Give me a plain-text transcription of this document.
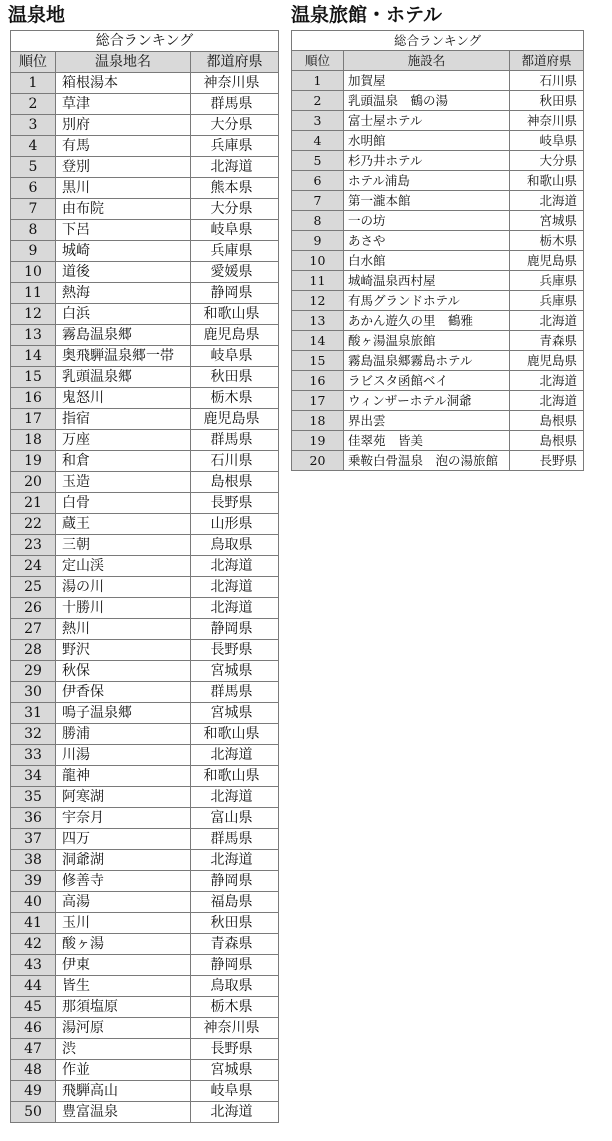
温泉地
総合ランキング		
順位	温泉地名	都道府県
1	箱根湯本	神奈川県
2	草津	群馬県
3	別府	大分県
4	有馬	兵庫県
5	登別	北海道
6	黒川	熊本県
7	由布院	大分県
8	下呂	岐阜県
9	城崎	兵庫県
10	道後	愛媛県
11	熱海	静岡県
12	白浜	和歌山県
13	霧島温泉郷	鹿児島県
14	奥飛騨温泉郷一帯	岐阜県
15	乳頭温泉郷	秋田県
16	鬼怒川	栃木県
17	指宿	鹿児島県
18	万座	群馬県
19	和倉	石川県
20	玉造	島根県
21	白骨	長野県
22	蔵王	山形県
23	三朝	鳥取県
24	定山渓	北海道
25	湯の川	北海道
26	十勝川	北海道
27	熱川	静岡県
28	野沢	長野県
29	秋保	宮城県
30	伊香保	群馬県
31	鳴子温泉郷	宮城県
32	勝浦	和歌山県
33	川湯	北海道
34	龍神	和歌山県
35	阿寒湖	北海道
36	宇奈月	富山県
37	四万	群馬県
38	洞爺湖	北海道
39	修善寺	静岡県
40	高湯	福島県
41	玉川	秋田県
42	酸ヶ湯	青森県
43	伊東	静岡県
44	皆生	鳥取県
45	那須塩原	栃木県
46	湯河原	神奈川県
47	渋	長野県
48	作並	宮城県
49	飛騨高山	岐阜県
50	豊富温泉	北海道
温泉旅館・ホテル
総合ランキング		
順位	施設名	都道府県
1	加賀屋	石川県
2	乳頭温泉　鶴の湯	秋田県
3	富士屋ホテル	神奈川県
4	水明館	岐阜県
5	杉乃井ホテル	大分県
6	ホテル浦島	和歌山県
7	第一瀧本館	北海道
8	一の坊	宮城県
9	あさや	栃木県
10	白水館	鹿児島県
11	城崎温泉西村屋	兵庫県
12	有馬グランドホテル	兵庫県
13	あかん遊久の里　鶴雅	北海道
14	酸ヶ湯温泉旅館	青森県
15	霧島温泉郷霧島ホテル	鹿児島県
16	ラビスタ函館ベイ	北海道
17	ウィンザーホテル洞爺	北海道
18	界出雲	島根県
19	佳翠苑　皆美	島根県
20	乗鞍白骨温泉　泡の湯旅館	長野県
